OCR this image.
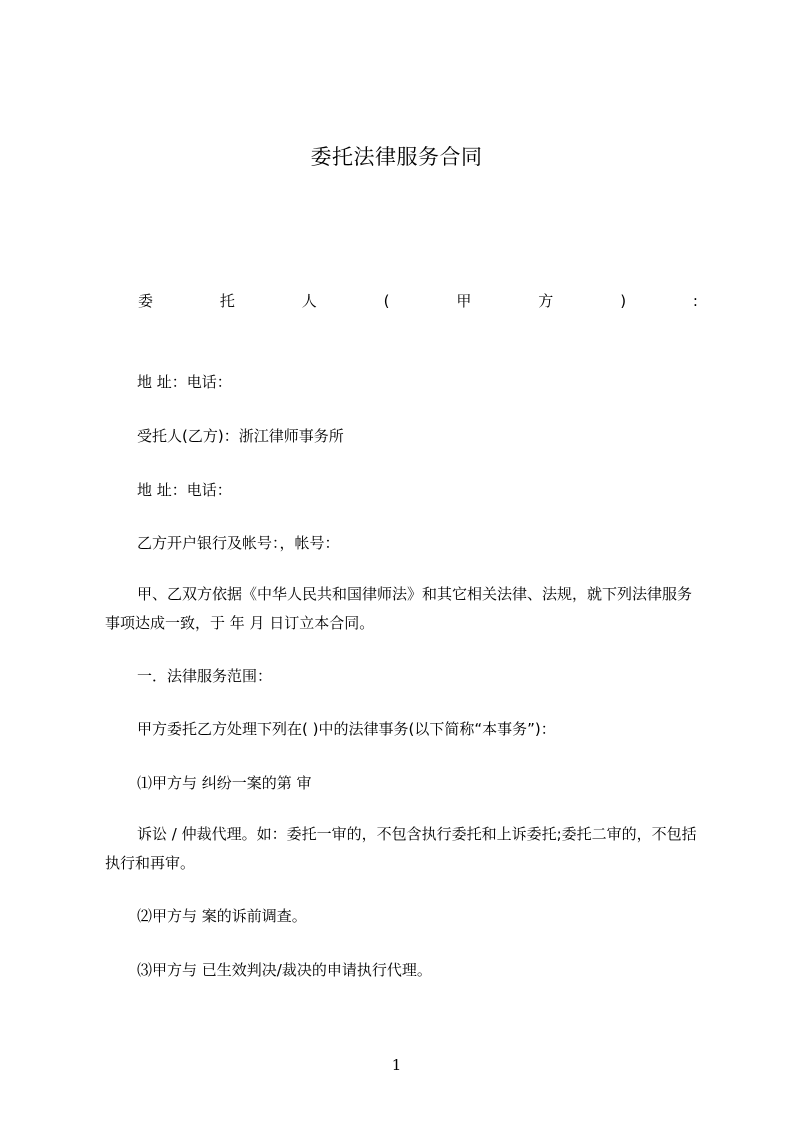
委托法律服务合同
委	托	人	(	甲	方	)	:
地 址：电话：
受托人(乙方)：浙江律师事务所
地 址：电话：
乙方开户银行及帐号：，帐号：
甲、乙双方依据《中华人民共和国律师法》和其它相关法律、法规，就下列法律服务事项达成一致，于 年 月 日订立本合同。
一．法律服务范围：
甲方委托乙方处理下列在( )中的法律事务(以下简称“本事务”)：
⑴甲方与 纠纷一案的第 审
诉讼 / 仲裁代理。如：委托一审的，不包含执行委托和上诉委托;委托二审的，不包括执行和再审。
⑵甲方与 案的诉前调查。
⑶甲方与 已生效判决/裁决的申请执行代理。
1
